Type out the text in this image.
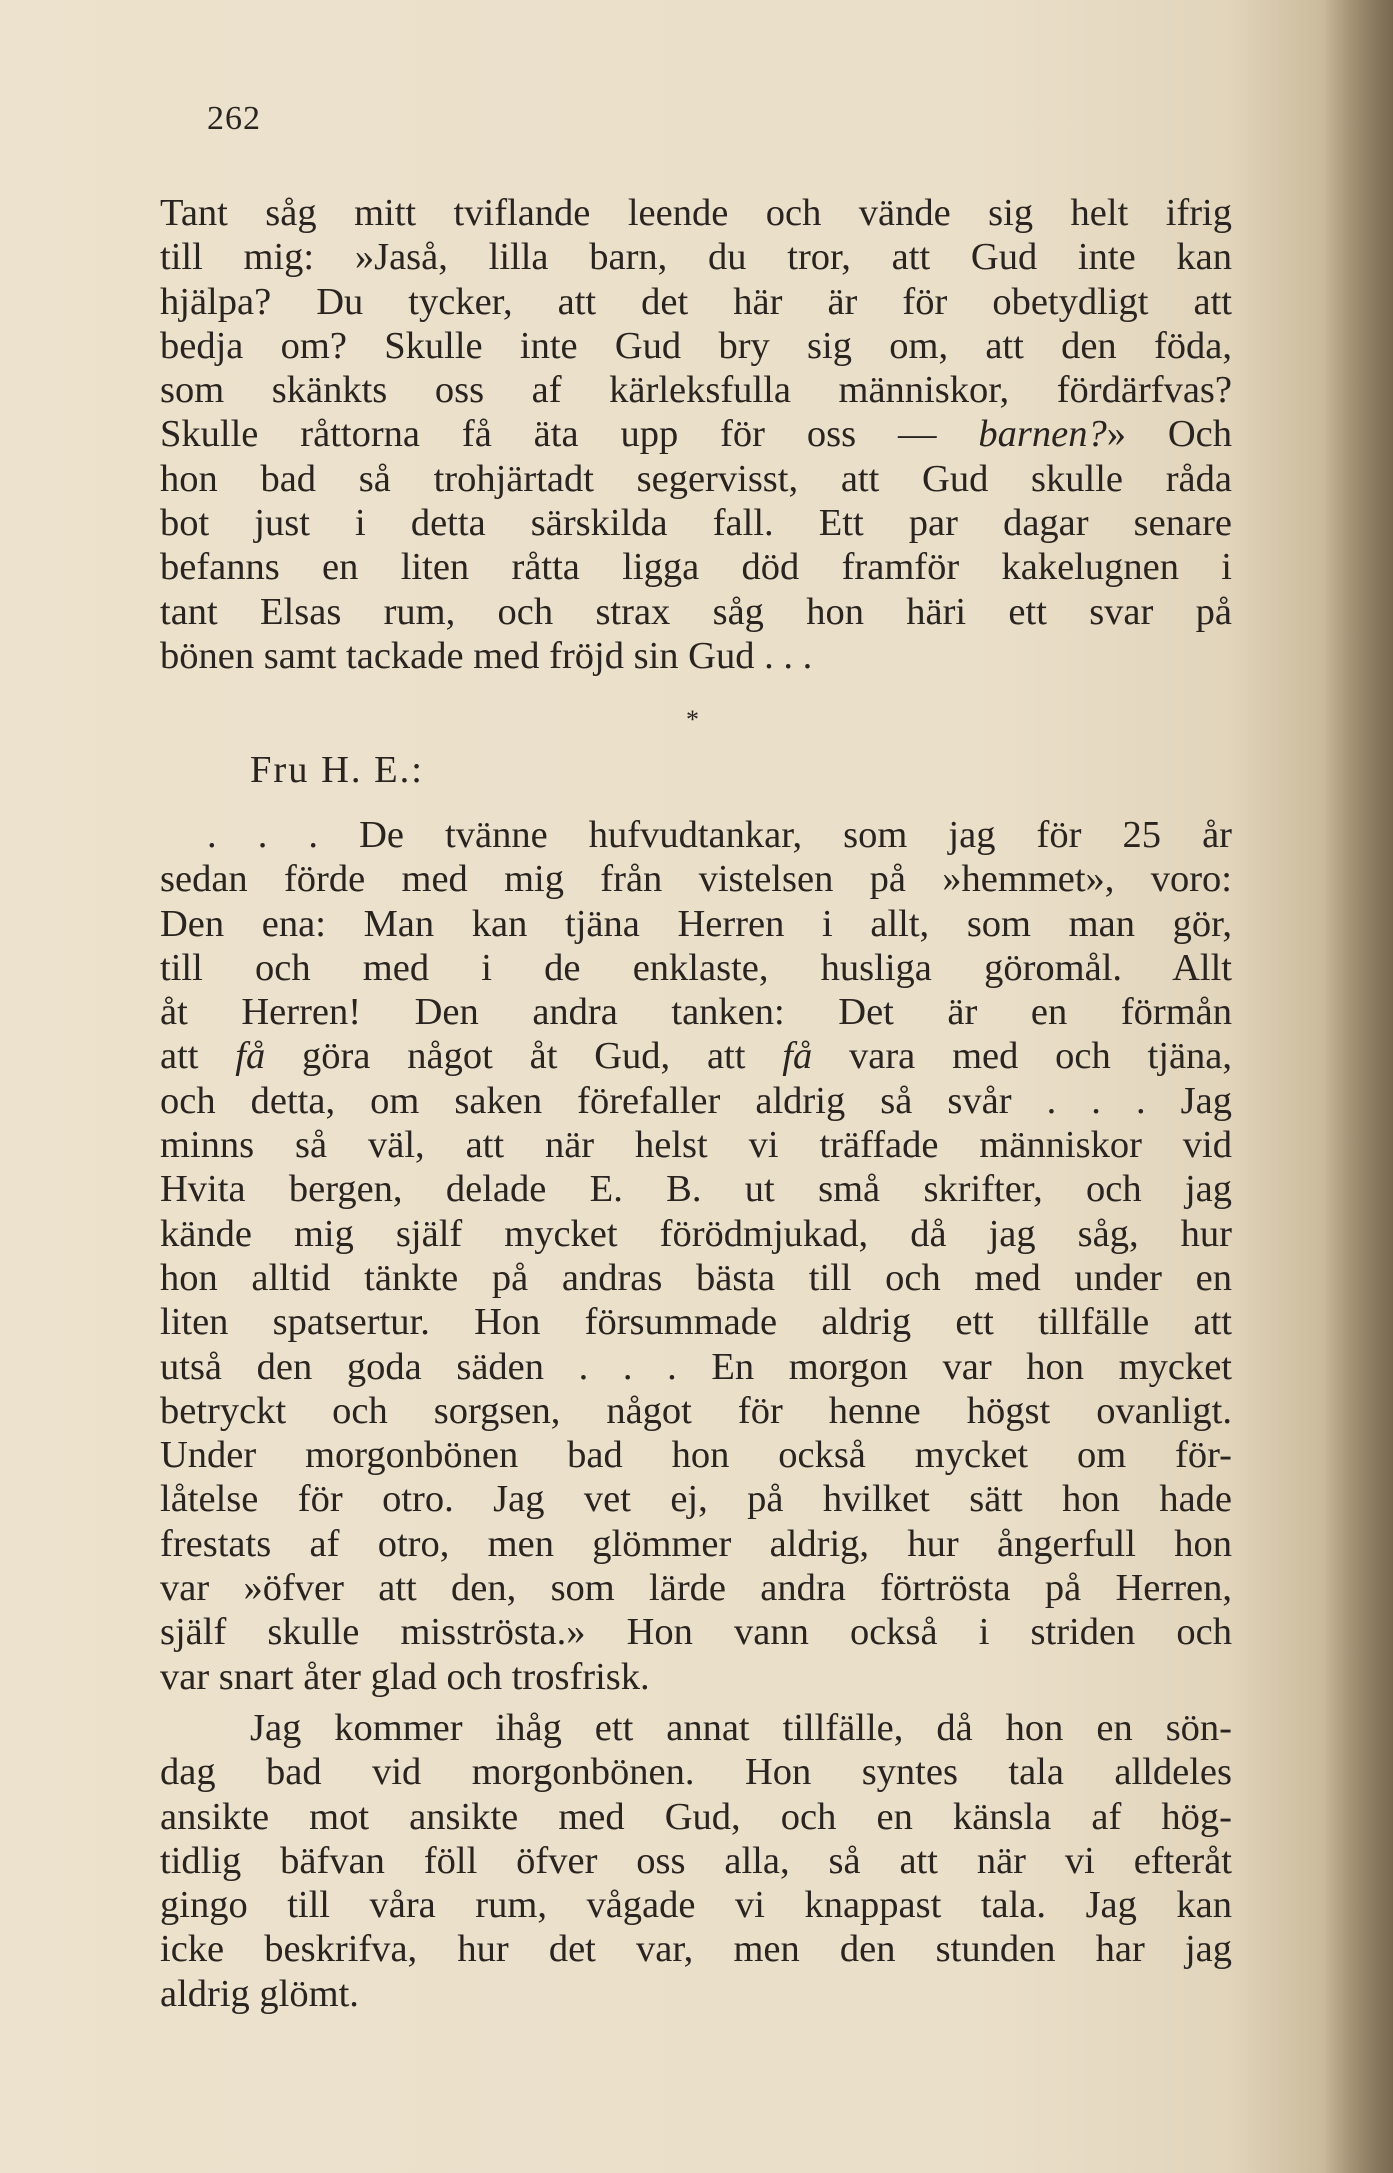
262
Tant såg mitt tviflande leende och vände sig helt ifrig
till mig: »Jaså, lilla barn, du tror, att Gud inte kan
hjälpa? Du tycker, att det här är för obetydligt att
bedja om? Skulle inte Gud bry sig om, att den föda,
som skänkts oss af kärleksfulla människor, fördärfvas?
Skulle råttorna få äta upp för oss — barnen?» Och
hon bad så trohjärtadt segervisst, att Gud skulle råda
bot just i detta särskilda fall. Ett par dagar senare
befanns en liten råtta ligga död framför kakelugnen i
tant Elsas rum, och strax såg hon häri ett svar på
bönen samt tackade med fröjd sin Gud . . .
*
Fru H. E.:
. . . De tvänne hufvudtankar, som jag för 25 år
sedan förde med mig från vistelsen på »hemmet», voro:
Den ena: Man kan tjäna Herren i allt, som man gör,
till och med i de enklaste, husliga göromål. Allt
åt Herren! Den andra tanken: Det är en förmån
att få göra något åt Gud, att få vara med och tjäna,
och detta, om saken förefaller aldrig så svår . . . Jag
minns så väl, att när helst vi träffade människor vid
Hvita bergen, delade E. B. ut små skrifter, och jag
kände mig själf mycket förödmjukad, då jag såg, hur
hon alltid tänkte på andras bästa till och med under en
liten spatsertur. Hon försummade aldrig ett tillfälle att
utså den goda säden . . . En morgon var hon mycket
betryckt och sorgsen, något för henne högst ovanligt.
Under morgonbönen bad hon också mycket om för-
låtelse för otro. Jag vet ej, på hvilket sätt hon hade
frestats af otro, men glömmer aldrig, hur ångerfull hon
var »öfver att den, som lärde andra förtrösta på Herren,
själf skulle misströsta.» Hon vann också i striden och
var snart åter glad och trosfrisk.
Jag kommer ihåg ett annat tillfälle, då hon en sön-
dag bad vid morgonbönen. Hon syntes tala alldeles
ansikte mot ansikte med Gud, och en känsla af hög-
tidlig bäfvan föll öfver oss alla, så att när vi efteråt
gingo till våra rum, vågade vi knappast tala. Jag kan
icke beskrifva, hur det var, men den stunden har jag
aldrig glömt.
